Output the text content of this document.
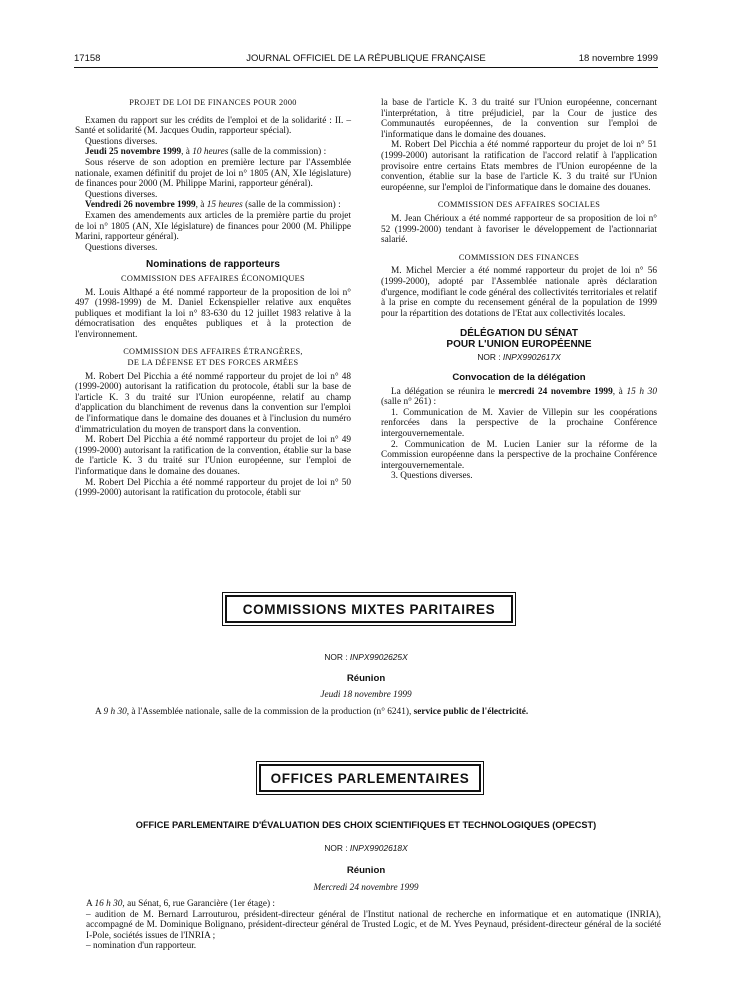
17158	JOURNAL OFFICIEL DE LA RÉPUBLIQUE FRANÇAISE	18 novembre 1999

PROJET DE LOI DE FINANCES POUR 2000

Examen du rapport sur les crédits de l'emploi et de la solidarité : II. – Santé et solidarité (M. Jacques Oudin, rapporteur spécial).

Questions diverses.

Jeudi 25 novembre 1999, à 10 heures (salle de la commission) :

Sous réserve de son adoption en première lecture par l'Assemblée nationale, examen définitif du projet de loi n° 1805 (AN, XIe législature) de finances pour 2000 (M. Philippe Marini, rapporteur général).

Questions diverses.

Vendredi 26 novembre 1999, à 15 heures (salle de la commission) :

Examen des amendements aux articles de la première partie du projet de loi n° 1805 (AN, XIe législature) de finances pour 2000 (M. Philippe Marini, rapporteur général).

Questions diverses.

Nominations de rapporteurs

COMMISSION DES AFFAIRES ÉCONOMIQUES

M. Louis Althapé a été nommé rapporteur de la proposition de loi n° 497 (1998-1999) de M. Daniel Eckenspieller relative aux enquêtes publiques et modifiant la loi n° 83-630 du 12 juillet 1983 relative à la démocratisation des enquêtes publiques et à la protection de l'environnement.

COMMISSION DES AFFAIRES ÉTRANGÈRES,

DE LA DÉFENSE ET DES FORCES ARMÉES

M. Robert Del Picchia a été nommé rapporteur du projet de loi n° 48 (1999-2000) autorisant la ratification du protocole, établi sur la base de l'article K. 3 du traité sur l'Union européenne, relatif au champ d'application du blanchiment de revenus dans la convention sur l'emploi de l'informatique dans le domaine des douanes et à l'inclusion du numéro d'immatriculation du moyen de transport dans la convention.

M. Robert Del Picchia a été nommé rapporteur du projet de loi n° 49 (1999-2000) autorisant la ratification de la convention, établie sur la base de l'article K. 3 du traité sur l'Union européenne, sur l'emploi de l'informatique dans le domaine des douanes.

M. Robert Del Picchia a été nommé rapporteur du projet de loi n° 50 (1999-2000) autorisant la ratification du protocole, établi sur

la base de l'article K. 3 du traité sur l'Union européenne, concernant l'interprétation, à titre préjudiciel, par la Cour de justice des Communautés européennes, de la convention sur l'emploi de l'informatique dans le domaine des douanes.

M. Robert Del Picchia a été nommé rapporteur du projet de loi n° 51 (1999-2000) autorisant la ratification de l'accord relatif à l'application provisoire entre certains Etats membres de l'Union européenne de la convention, établie sur la base de l'article K. 3 du traité sur l'Union européenne, sur l'emploi de l'informatique dans le domaine des douanes.

COMMISSION DES AFFAIRES SOCIALES

M. Jean Chérioux a été nommé rapporteur de sa proposition de loi n° 52 (1999-2000) tendant à favoriser le développement de l'actionnariat salarié.

COMMISSION DES FINANCES

M. Michel Mercier a été nommé rapporteur du projet de loi n° 56 (1999-2000), adopté par l'Assemblée nationale après déclaration d'urgence, modifiant le code général des collectivités territoriales et relatif à la prise en compte du recensement général de la population de 1999 pour la répartition des dotations de l'Etat aux collectivités locales.

DÉLÉGATION DU SÉNAT

POUR L'UNION EUROPÉENNE

NOR : INPX9902617X

Convocation de la délégation

La délégation se réunira le mercredi 24 novembre 1999, à 15 h 30 (salle n° 261) :

1. Communication de M. Xavier de Villepin sur les coopérations renforcées dans la perspective de la prochaine Conférence intergouvernementale.

2. Communication de M. Lucien Lanier sur la réforme de la Commission européenne dans la perspective de la prochaine Conférence intergouvernementale.

3. Questions diverses.

COMMISSIONS MIXTES PARITAIRES
NOR : INPX9902625X
Réunion
Jeudi 18 novembre 1999
A 9 h 30, à l'Assemblée nationale, salle de la commission de la production (n° 6241), service public de l'électricité.
OFFICES PARLEMENTAIRES
OFFICE PARLEMENTAIRE D'ÉVALUATION DES CHOIX SCIENTIFIQUES ET TECHNOLOGIQUES (OPECST)
NOR : INPX9902618X
Réunion
Mercredi 24 novembre 1999

A 16 h 30, au Sénat, 6, rue Garancière (1er étage) :

– audition de M. Bernard Larrouturou, président-directeur général de l'Institut national de recherche en informatique et en automatique (INRIA), accompagné de M. Dominique Bolignano, président-directeur général de Trusted Logic, et de M. Yves Peynaud, président-directeur général de la société I-Pole, sociétés issues de l'INRIA ;

– nomination d'un rapporteur.
